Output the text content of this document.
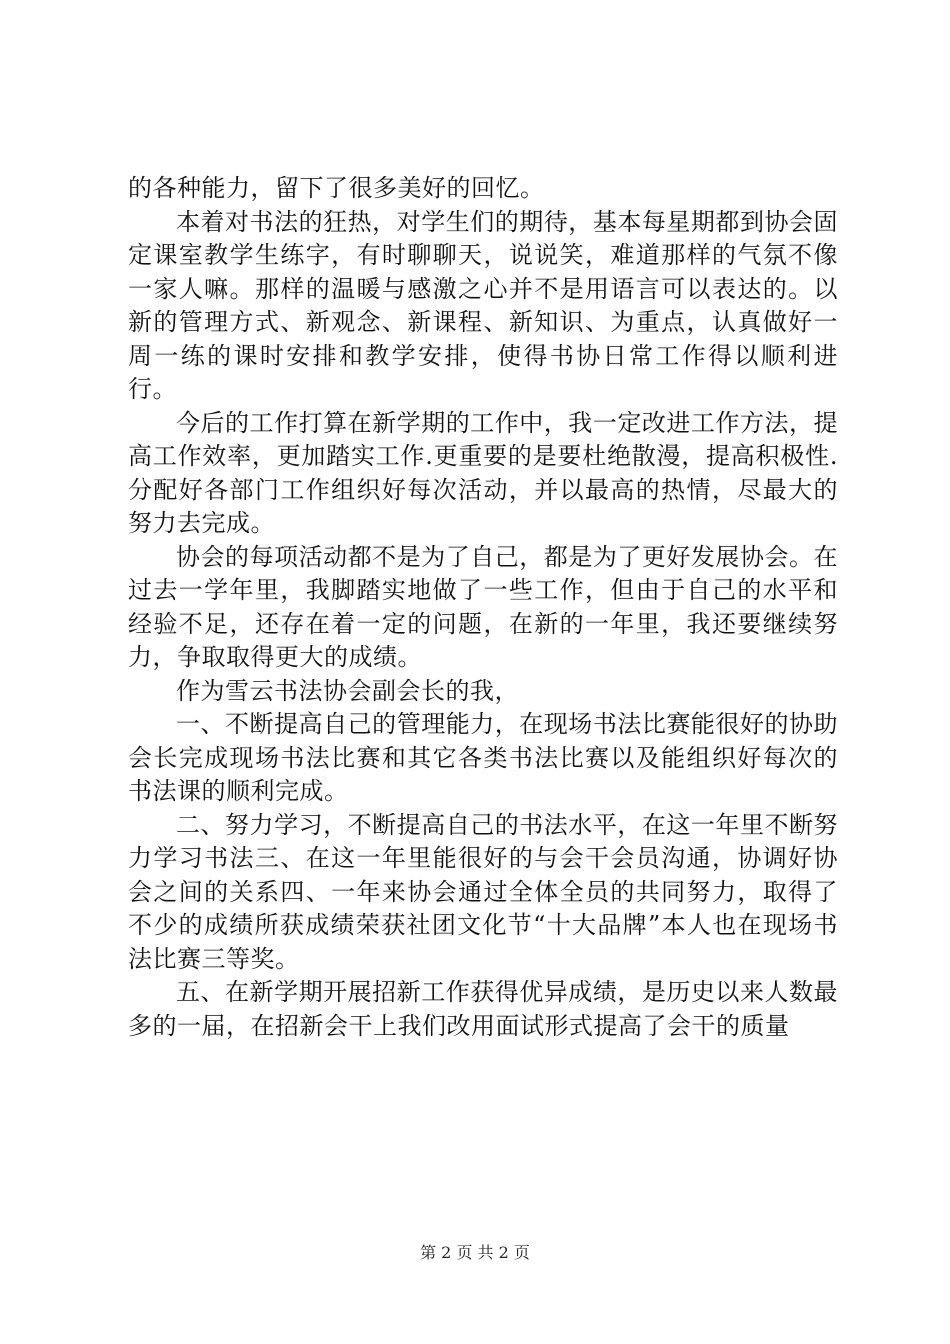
的各种能力，留下了很多美好的回忆。

本着对书法的狂热，对学生们的期待，基本每星期都到协会固定课室教学生练字，有时聊聊天，说说笑，难道那样的气氛不像一家人嘛。那样的温暖与感激之心并不是用语言可以表达的。以新的管理方式、新观念、新课程、新知识、为重点，认真做好一周一练的课时安排和教学安排，使得书协日常工作得以顺利进行。

今后的工作打算在新学期的工作中，我一定改进工作方法，提高工作效率，更加踏实工作.更重要的是要杜绝散漫，提高积极性.分配好各部门工作组织好每次活动，并以最高的热情，尽最大的努力去完成。

协会的每项活动都不是为了自己，都是为了更好发展协会。在过去一学年里，我脚踏实地做了一些工作，但由于自己的水平和经验不足，还存在着一定的问题，在新的一年里，我还要继续努力，争取取得更大的成绩。

作为雪云书法协会副会长的我，

一、不断提高自己的管理能力，在现场书法比赛能很好的协助会长完成现场书法比赛和其它各类书法比赛以及能组织好每次的书法课的顺利完成。

二、努力学习，不断提高自己的书法水平，在这一年里不断努力学习书法三、在这一年里能很好的与会干会员沟通，协调好协会之间的关系四、一年来协会通过全体全员的共同努力，取得了不少的成绩所获成绩荣获社团文化节“十大品牌”本人也在现场书法比赛三等奖。

五、在新学期开展招新工作获得优异成绩，是历史以来人数最多的一届，在招新会干上我们改用面试形式提高了会干的质量

第 2 页 共 2 页
